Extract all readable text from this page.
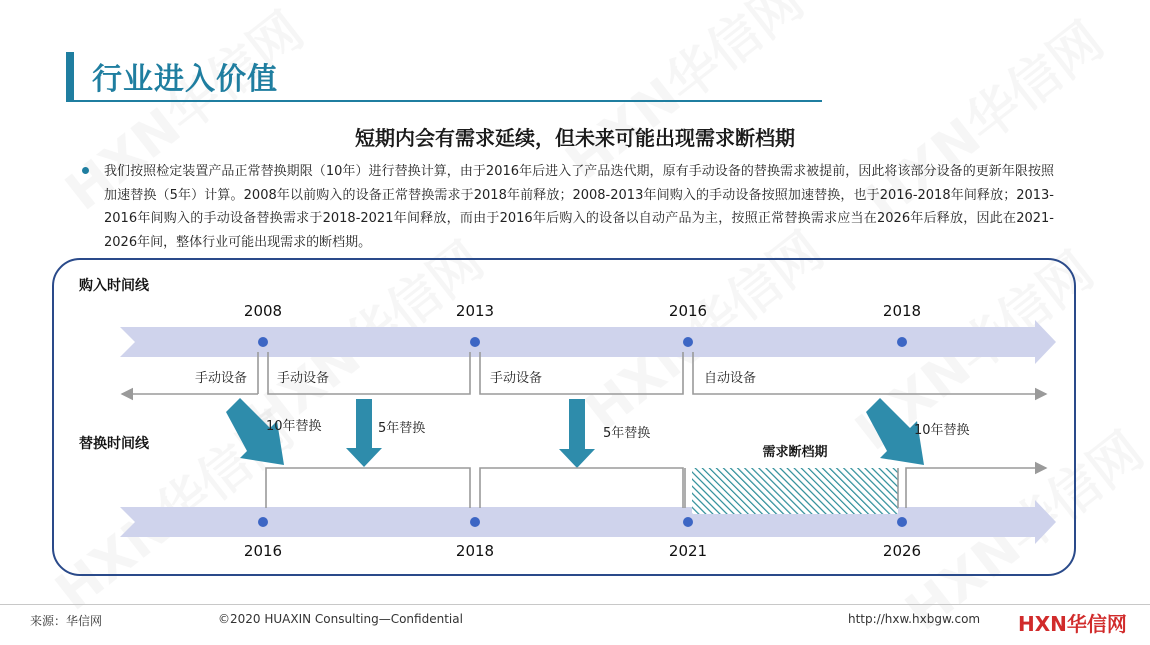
行业进入价值
短期内会有需求延续，但未来可能出现需求断档期
我们按照检定装置产品正常替换期限（10年）进行替换计算，由于2016年后进入了产品迭代期，原有手动设备的替换需求被提前，因此将该部分设备的更新年限按照加速替换（5年）计算。2008年以前购入的设备正常替换需求于2018年前释放；2008-2013年间购入的手动设备按照加速替换，也于2016-2018年间释放；2013-2016年间购入的手动设备替换需求于2018-2021年间释放，而由于2016年后购入的设备以自动产品为主，按照正常替换需求应当在2026年后释放，因此在2021-2026年间，整体行业可能出现需求的断档期。
购入时间线
替换时间线
2008	2013	2016	2018
手动设备 手动设备	手动设备	自动设备
10年替换	5年替换	5年替换	10年替换
需求断档期
2016	2018	2021	2026
来源：华信网	©2020 HUAXIN Consulting—Confidential	http://hxw.hxbgw.com HXN华信网
